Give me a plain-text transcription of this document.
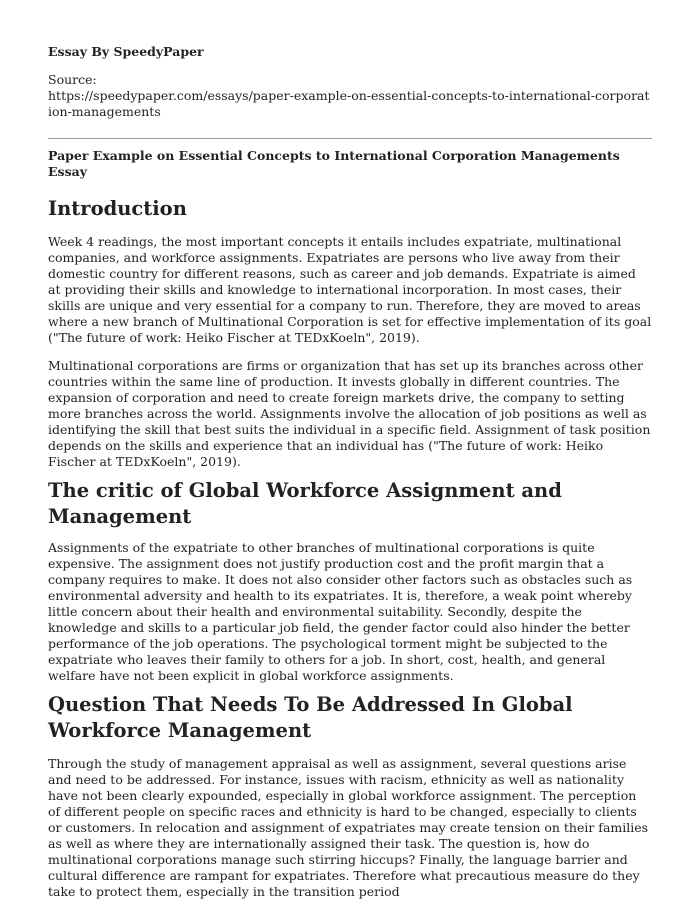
Essay By SpeedyPaper

Source:
https://speedypaper.com/essays/paper-example-on-essential-concepts-to-international-corporation-managements

Paper Example on Essential Concepts to International Corporation Managements Essay

Introduction

Week 4 readings, the most important concepts it entails includes expatriate, multinational companies, and workforce assignments. Expatriates are persons who live away from their domestic country for different reasons, such as career and job demands. Expatriate is aimed at providing their skills and knowledge to international incorporation. In most cases, their skills are unique and very essential for a company to run. Therefore, they are moved to areas where a new branch of Multinational Corporation is set for effective implementation of its goal ("The future of work: Heiko Fischer at TEDxKoeln", 2019).

Multinational corporations are firms or organization that has set up its branches across other countries within the same line of production. It invests globally in different countries. The expansion of corporation and need to create foreign markets drive, the company to setting more branches across the world. Assignments involve the allocation of job positions as well as identifying the skill that best suits the individual in a specific field. Assignment of task position depends on the skills and experience that an individual has ("The future of work: Heiko Fischer at TEDxKoeln", 2019).

The critic of Global Workforce Assignment and Management

Assignments of the expatriate to other branches of multinational corporations is quite expensive. The assignment does not justify production cost and the profit margin that a company requires to make. It does not also consider other factors such as obstacles such as environmental adversity and health to its expatriates. It is, therefore, a weak point whereby little concern about their health and environmental suitability. Secondly, despite the knowledge and skills to a particular job field, the gender factor could also hinder the better performance of the job operations. The psychological torment might be subjected to the expatriate who leaves their family to others for a job. In short, cost, health, and general welfare have not been explicit in global workforce assignments.

Question That Needs To Be Addressed In Global Workforce Management

Through the study of management appraisal as well as assignment, several questions arise and need to be addressed. For instance, issues with racism, ethnicity as well as nationality have not been clearly expounded, especially in global workforce assignment. The perception of different people on specific races and ethnicity is hard to be changed, especially to clients or customers. In relocation and assignment of expatriates may create tension on their families as well as where they are internationally assigned their task. The question is, how do multinational corporations manage such stirring hiccups? Finally, the language barrier and cultural difference are rampant for expatriates. Therefore what precautious measure do they take to protect them, especially in the transition period
